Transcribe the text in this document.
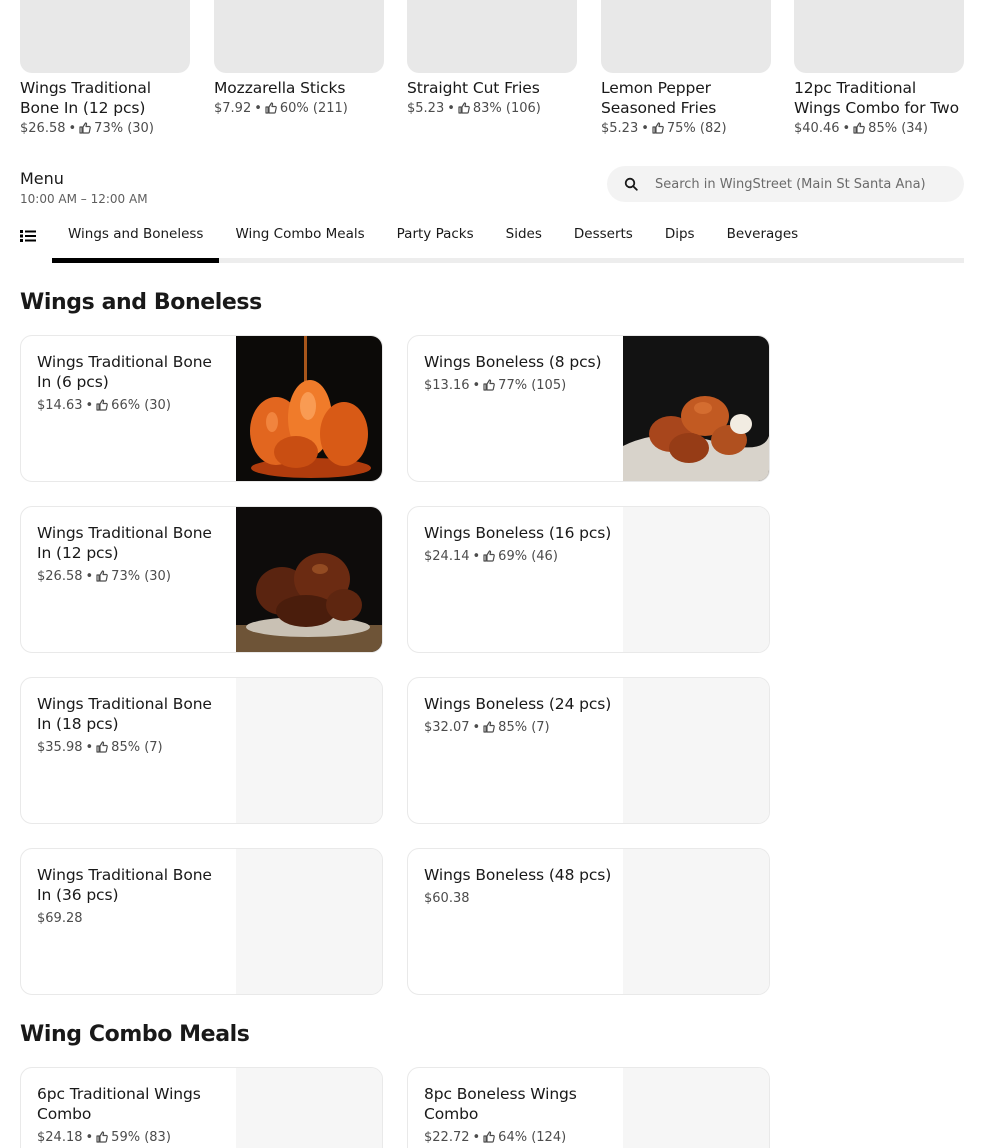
Wings Traditional Bone In (12 pcs)
$26.58 • 73% (30)
Mozzarella Sticks
$7.92 • 60% (211)
Straight Cut Fries
$5.23 • 83% (106)
Lemon Pepper Seasoned Fries
$5.23 • 75% (82)
12pc Traditional Wings Combo for Two
$40.46 • 85% (34)
Menu
10:00 AM – 12:00 AM
Search in WingStreet (Main St Santa Ana)
Wings and Boneless	Wing Combo Meals	Party Packs	Sides	Desserts	Dips	Beverages
Wings and Boneless
Wings Traditional Bone In (6 pcs)
$14.63 • 66% (30)
Wings Boneless (8 pcs)
$13.16 • 77% (105)
Wings Traditional Bone In (12 pcs)
$26.58 • 73% (30)
Wings Boneless (16 pcs)
$24.14 • 69% (46)
Wings Traditional Bone In (18 pcs)
$35.98 • 85% (7)
Wings Boneless (24 pcs)
$32.07 • 85% (7)
Wings Traditional Bone In (36 pcs)
$69.28
Wings Boneless (48 pcs)
$60.38
Wing Combo Meals
6pc Traditional Wings Combo
$24.18 • 59% (83)
8pc Boneless Wings Combo
$22.72 • 64% (124)
